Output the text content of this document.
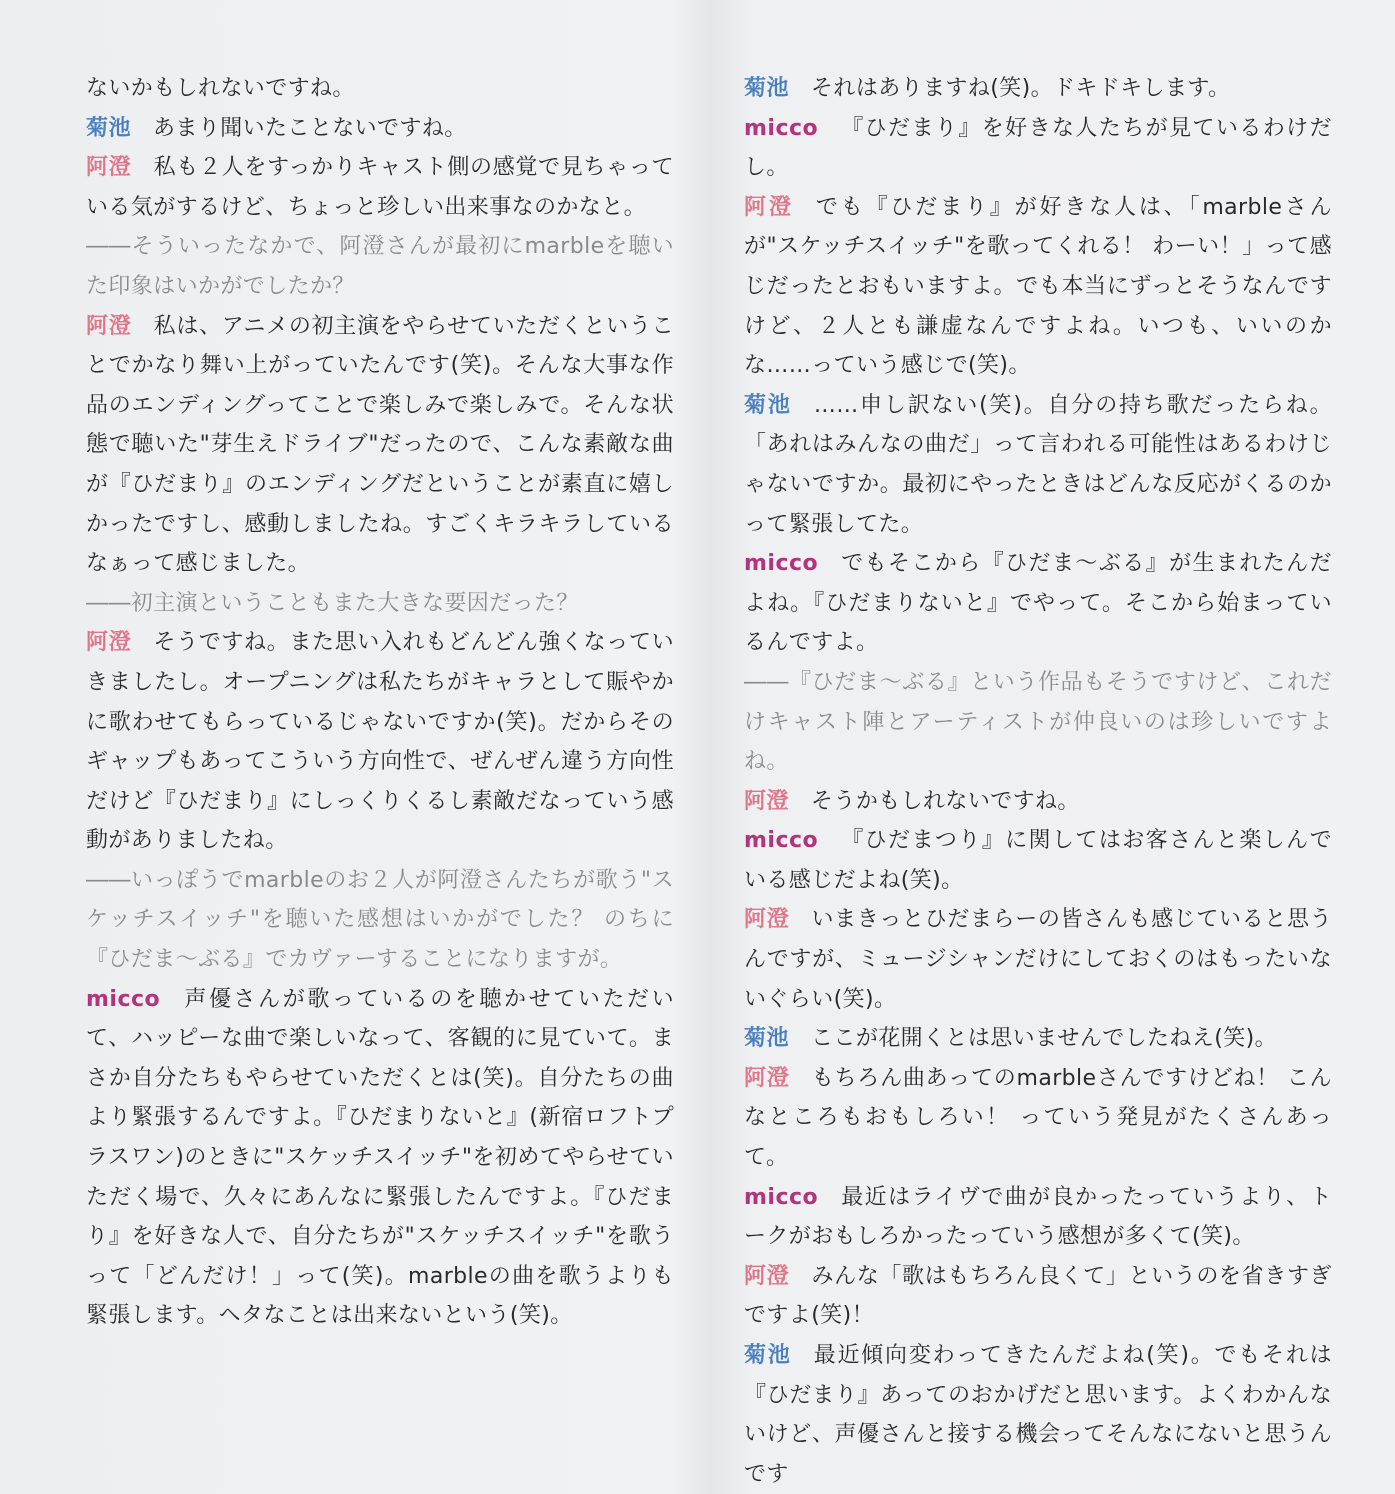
ないかもしれないですね。

菊池 あまり聞いたことないですね。

阿澄 私も２人をすっかりキャスト側の感覚で見ちゃっている気がするけど、ちょっと珍しい出来事なのかなと。

――そういったなかで、阿澄さんが最初にmarbleを聴いた印象はいかがでしたか？

阿澄 私は、アニメの初主演をやらせていただくということでかなり舞い上がっていたんです(笑)。そんな大事な作品のエンディングってことで楽しみで楽しみで。そんな状態で聴いた"芽生えドライブ"だったので、こんな素敵な曲が『ひだまり』のエンディングだということが素直に嬉しかったですし、感動しましたね。すごくキラキラしているなぁって感じました。

――初主演ということもまた大きな要因だった？

阿澄 そうですね。また思い入れもどんどん強くなっていきましたし。オープニングは私たちがキャラとして賑やかに歌わせてもらっているじゃないですか(笑)。だからそのギャップもあってこういう方向性で、ぜんぜん違う方向性だけど『ひだまり』にしっくりくるし素敵だなっていう感動がありましたね。

――いっぽうでmarbleのお２人が阿澄さんたちが歌う"スケッチスイッチ"を聴いた感想はいかがでした？ のちに『ひだま～ぶる』でカヴァーすることになりますが。

micco 声優さんが歌っているのを聴かせていただいて、ハッピーな曲で楽しいなって、客観的に見ていて。まさか自分たちもやらせていただくとは(笑)。自分たちの曲より緊張するんですよ。『ひだまりないと』(新宿ロフトプラスワン)のときに"スケッチスイッチ"を初めてやらせていただく場で、久々にあんなに緊張したんですよ。『ひだまり』を好きな人で、自分たちが"スケッチスイッチ"を歌うって「どんだけ！」って(笑)。marbleの曲を歌うよりも緊張します。ヘタなことは出来ないという(笑)。

菊池 それはありますね(笑)。ドキドキします。

micco 『ひだまり』を好きな人たちが見ているわけだし。

阿澄 でも『ひだまり』が好きな人は、「marbleさんが"スケッチスイッチ"を歌ってくれる！ わーい！」って感じだったとおもいますよ。でも本当にずっとそうなんですけど、２人とも謙虚なんですよね。いつも、いいのかな……っていう感じで(笑)。

菊池 ……申し訳ない(笑)。自分の持ち歌だったらね。「あれはみんなの曲だ」って言われる可能性はあるわけじゃないですか。最初にやったときはどんな反応がくるのかって緊張してた。

micco でもそこから『ひだま～ぶる』が生まれたんだよね。『ひだまりないと』でやって。そこから始まっているんですよ。

――『ひだま～ぶる』という作品もそうですけど、これだけキャスト陣とアーティストが仲良いのは珍しいですよね。

阿澄 そうかもしれないですね。

micco 『ひだまつり』に関してはお客さんと楽しんでいる感じだよね(笑)。

阿澄 いまきっとひだまらーの皆さんも感じていると思うんですが、ミュージシャンだけにしておくのはもったいないぐらい(笑)。

菊池 ここが花開くとは思いませんでしたねえ(笑)。

阿澄 もちろん曲あってのmarbleさんですけどね！ こんなところもおもしろい！ っていう発見がたくさんあって。

micco 最近はライヴで曲が良かったっていうより、トークがおもしろかったっていう感想が多くて(笑)。

阿澄 みんな「歌はもちろん良くて」というのを省きすぎですよ(笑)！

菊池 最近傾向変わってきたんだよね(笑)。でもそれは『ひだまり』あってのおかげだと思います。よくわかんないけど、声優さんと接する機会ってそんなにないと思うんです
